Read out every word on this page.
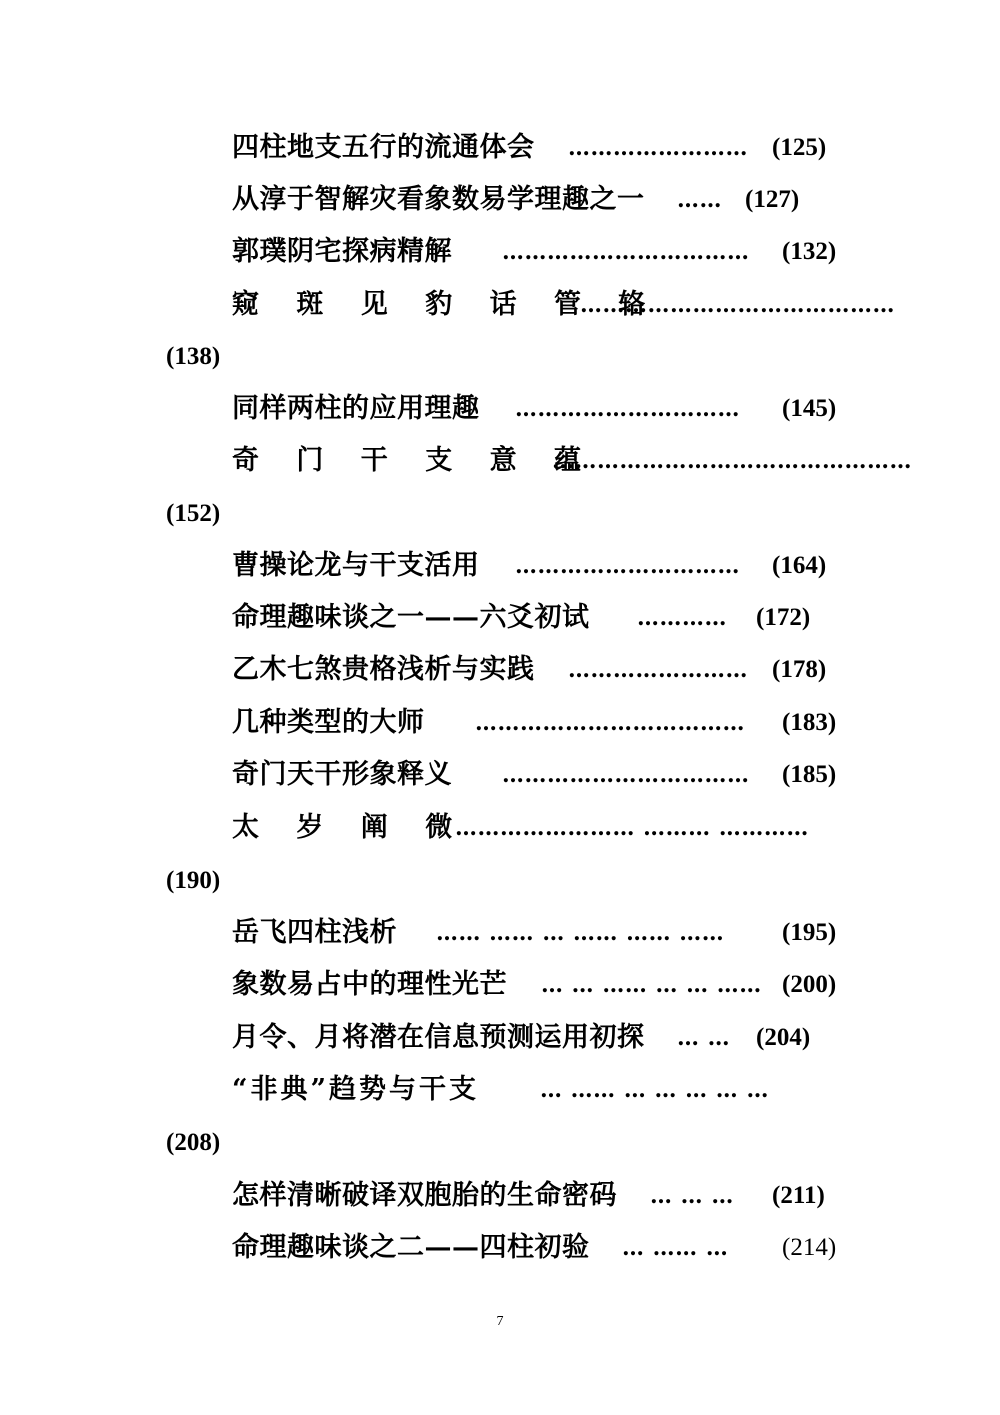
四柱地支五行的流通体会 …………………… (125)
从淳于智解灾看象数易学理趣之一 …… (127)
郭璞阴宅探病精解 …………………………… (132)
窥 斑 见 豹 话 管 辂
……………………………………
(138)
同样两柱的应用理趣 ………………………… (145)
奇 门 干 支 意 蕴
…………………………………………
(152)
曹操论龙与干支活用 ………………………… (164)
命理趣味谈之一——六爻初试 ………… (172)
乙木七煞贵格浅析与实践 …………………… (178)
几种类型的大师 ……………………………… (183)
奇门天干形象释义 …………………………… (185)
太 岁 阐 微
…………………… ……… …………
(190)
岳飞四柱浅析 …… …… … …… …… …… (195)
象数易占中的理性光芒 … … …… … … …… (200)
月令、月将潜在信息预测运用初探 … … (204)
“非典”趋势与干支	… …… … … … … …
(208)
怎样清晰破译双胞胎的生命密码 … … … (211)
命理趣味谈之二——四柱初验 … …… … (214)
7
